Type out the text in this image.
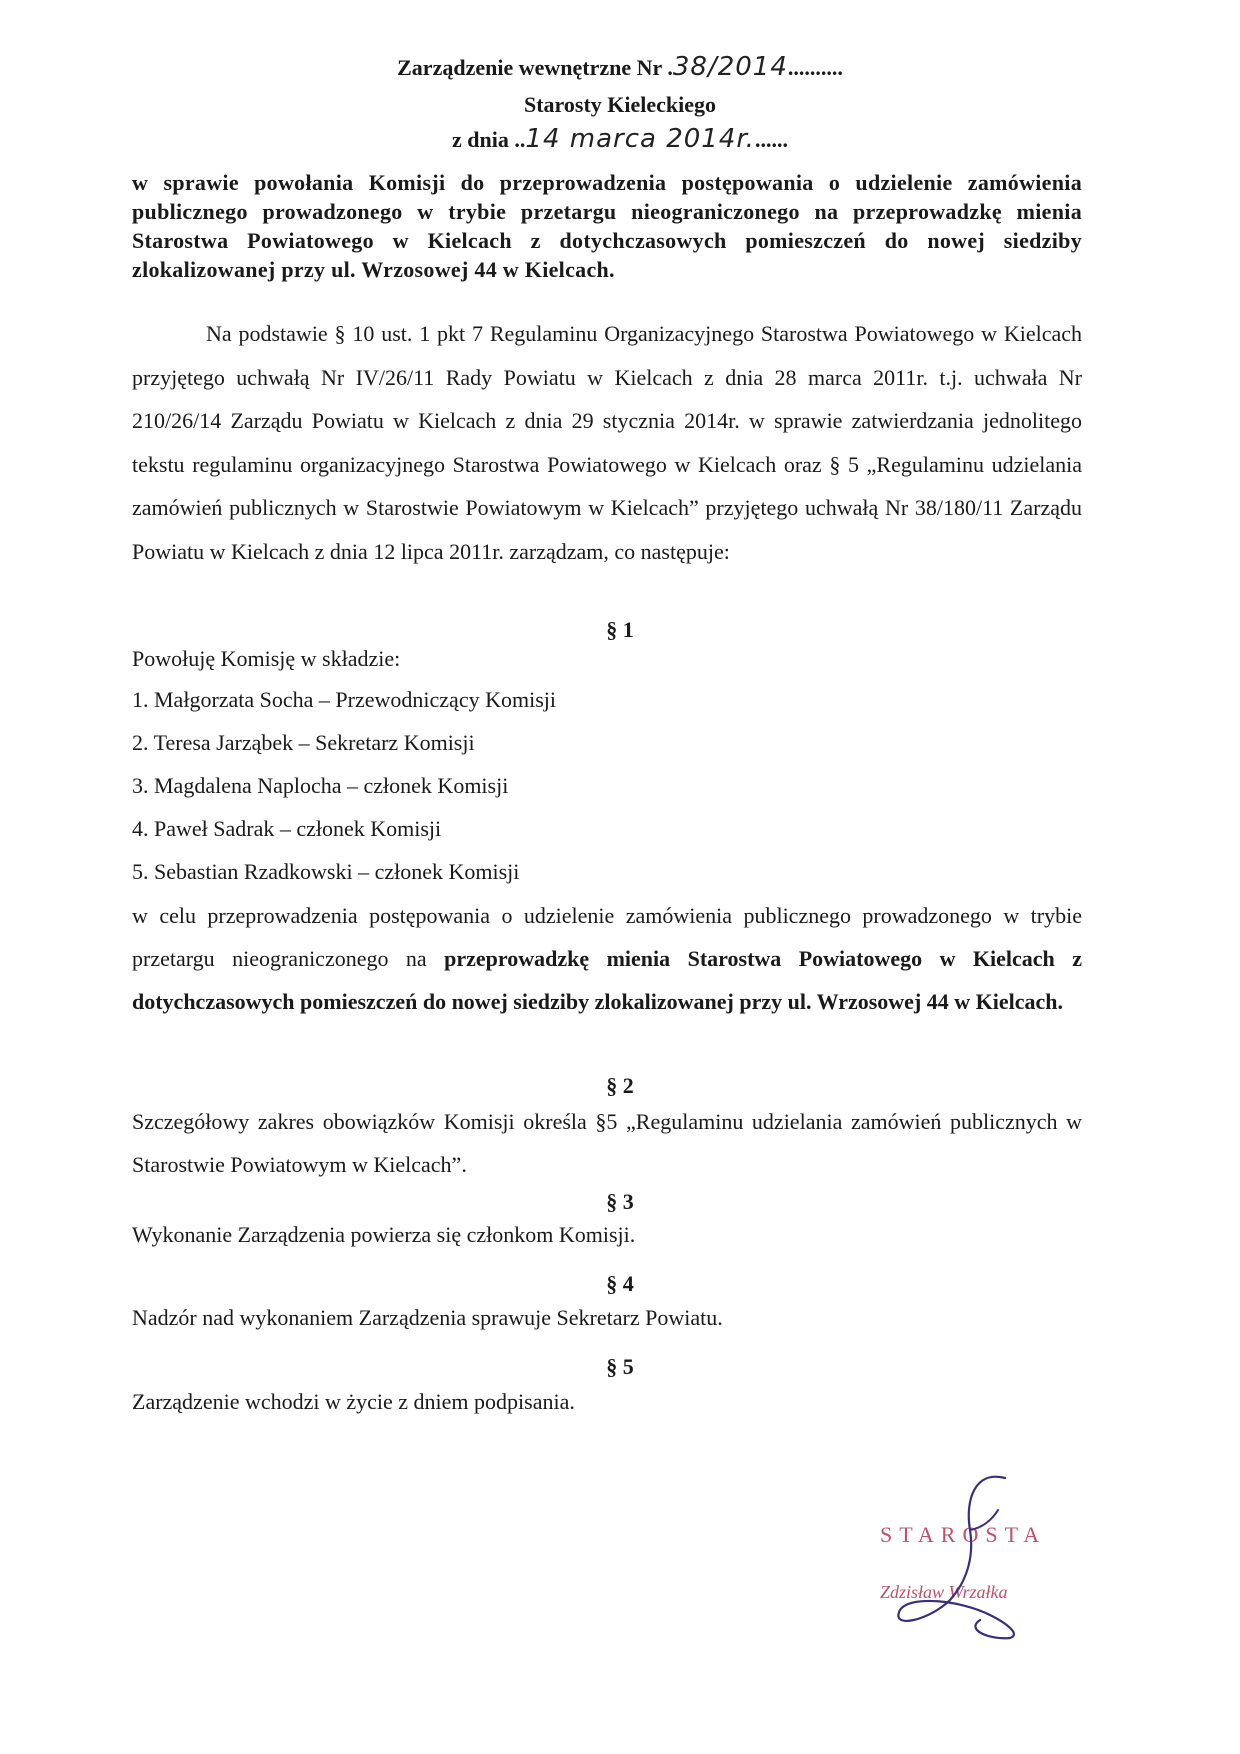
Zarządzenie wewnętrzne Nr .38/2014..........
Starosty Kieleckiego
z dnia ..14 marca 2014r.......
w sprawie powołania Komisji do przeprowadzenia postępowania o udzielenie zamówienia publicznego prowadzonego w trybie przetargu nieograniczonego na przeprowadzkę mienia Starostwa Powiatowego w Kielcach z dotychczasowych pomieszczeń do nowej siedziby zlokalizowanej przy ul. Wrzosowej 44 w Kielcach.
Na podstawie § 10 ust. 1 pkt 7 Regulaminu Organizacyjnego Starostwa Powiatowego w Kielcach przyjętego uchwałą Nr IV/26/11 Rady Powiatu w Kielcach z dnia 28 marca 2011r. t.j. uchwała Nr 210/26/14 Zarządu Powiatu w Kielcach z dnia 29 stycznia 2014r. w sprawie zatwierdzania jednolitego tekstu regulaminu organizacyjnego Starostwa Powiatowego w Kielcach oraz § 5 „Regulaminu udzielania zamówień publicznych w Starostwie Powiatowym w Kielcach” przyjętego uchwałą Nr 38/180/11 Zarządu Powiatu w Kielcach z dnia 12 lipca 2011r. zarządzam, co następuje:
§ 1
Powołuję Komisję w składzie:
1. Małgorzata Socha – Przewodniczący Komisji
2. Teresa Jarząbek – Sekretarz Komisji
3. Magdalena Naplocha – członek Komisji
4. Paweł Sadrak – członek Komisji
5. Sebastian Rzadkowski – członek Komisji
w celu przeprowadzenia postępowania o udzielenie zamówienia publicznego prowadzonego w trybie przetargu nieograniczonego na przeprowadzkę mienia Starostwa Powiatowego w Kielcach z dotychczasowych pomieszczeń do nowej siedziby zlokalizowanej przy ul. Wrzosowej 44 w Kielcach.
§ 2
Szczegółowy zakres obowiązków Komisji określa §5 „Regulaminu udzielania zamówień publicznych w Starostwie Powiatowym w Kielcach”.
§ 3
Wykonanie Zarządzenia powierza się członkom Komisji.
§ 4
Nadzór nad wykonaniem Zarządzenia sprawuje Sekretarz Powiatu.
§ 5
Zarządzenie wchodzi w życie z dniem podpisania.
STAROSTA
Zdzisław Wrzałka
